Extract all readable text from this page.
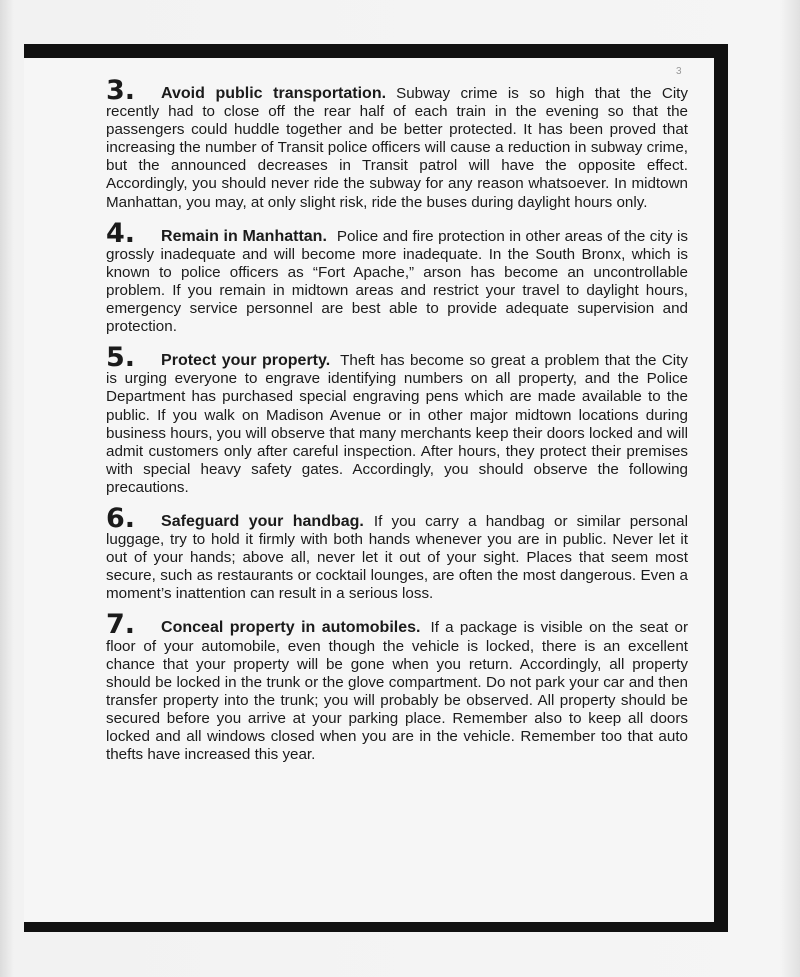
3

3. Avoid public transportation. Subway crime is so high that the City recently had to close off the rear half of each train in the evening so that the passengers could huddle together and be better protected. It has been proved that increasing the number of Transit police officers will cause a reduction in subway crime, but the announced decreases in Transit patrol will have the opposite effect. Accordingly, you should never ride the subway for any reason whatsoever. In midtown Manhattan, you may, at only slight risk, ride the buses during daylight hours only.

4. Remain in Manhattan. Police and fire protection in other areas of the city is grossly inadequate and will become more inadequate. In the South Bronx, which is known to police officers as “Fort Apache,” arson has become an uncontrollable problem. If you remain in midtown areas and restrict your travel to daylight hours, emergency service personnel are best able to provide adequate supervision and protection.

5. Protect your property. Theft has become so great a problem that the City is urging everyone to engrave identifying numbers on all property, and the Police Department has purchased special engraving pens which are made available to the public. If you walk on Madison Avenue or in other major midtown locations during business hours, you will observe that many merchants keep their doors locked and will admit customers only after careful inspection. After hours, they protect their premises with special heavy safety gates. Accordingly, you should observe the following precautions.

6. Safeguard your handbag. If you carry a handbag or similar personal luggage, try to hold it firmly with both hands whenever you are in public. Never let it out of your hands; above all, never let it out of your sight. Places that seem most secure, such as restaurants or cocktail lounges, are often the most dangerous. Even a moment’s inattention can result in a serious loss.

7. Conceal property in automobiles. If a package is visible on the seat or floor of your automobile, even though the vehicle is locked, there is an excellent chance that your property will be gone when you return. Accordingly, all property should be locked in the trunk or the glove compartment. Do not park your car and then transfer property into the trunk; you will probably be observed. All property should be secured before you arrive at your parking place. Remember also to keep all doors locked and all windows closed when you are in the vehicle. Remember too that auto thefts have increased this year.
